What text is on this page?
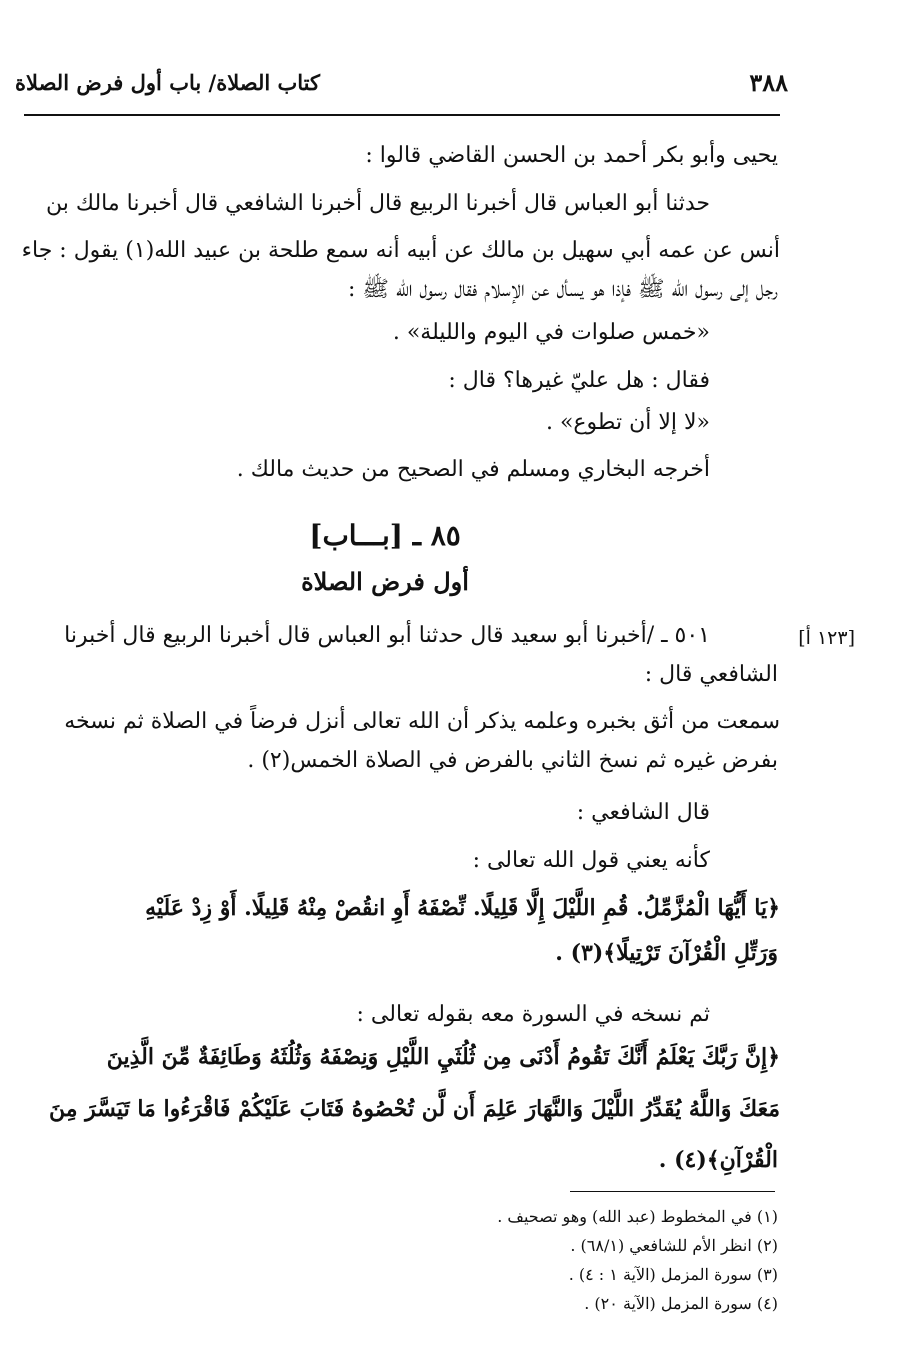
كتاب الصلاة/ باب أول فرض الصلاة	٣٨٨
يحيى وأبو بكر أحمد بن الحسن القاضي قالوا :
حدثنا أبو العباس قال أخبرنا الربيع قال أخبرنا الشافعي قال أخبرنا مالك بن
أنس عن عمه أبي سهيل بن مالك عن أبيه أنه سمع طلحة بن عبيد الله(١) يقول : جاء
رجل إلى رسول الله ﷺ فإذا هو يسأل عن الإسلام فقال رسول الله ﷺ :
«خمس صلوات في اليوم والليلة» .
فقال : هل عليّ غيرها؟ قال :
«لا إلا أن تطوع» .
أخرجه البخاري ومسلم في الصحيح من حديث مالك .
٨٥ ـ [بـــاب]
أول فرض الصلاة
[١٢٣ أ]
٥٠١ ـ /أخبرنا أبو سعيد قال حدثنا أبو العباس قال أخبرنا الربيع قال أخبرنا
الشافعي قال :
سمعت من أثق بخبره وعلمه يذكر أن الله تعالى أنزل فرضاً في الصلاة ثم نسخه
بفرض غيره ثم نسخ الثاني بالفرض في الصلاة الخمس(٢) .
قال الشافعي :
كأنه يعني قول الله تعالى :
﴿يَا أَيُّهَا الْمُزَّمِّلُ. قُمِ اللَّيْلَ إِلَّا قَلِيلًا. نِّصْفَهُ أَوِ انقُصْ مِنْهُ قَلِيلًا. أَوْ زِدْ عَلَيْهِ
وَرَتِّلِ الْقُرْآنَ تَرْتِيلًا﴾(٣) .
ثم نسخه في السورة معه بقوله تعالى :
﴿إِنَّ رَبَّكَ يَعْلَمُ أَنَّكَ تَقُومُ أَدْنَى مِن ثُلُثَيِ اللَّيْلِ وَنِصْفَهُ وَثُلُثَهُ وَطَائِفَةٌ مِّنَ الَّذِينَ
مَعَكَ وَاللَّهُ يُقَدِّرُ اللَّيْلَ وَالنَّهَارَ عَلِمَ أَن لَّن تُحْصُوهُ فَتَابَ عَلَيْكُمْ فَاقْرَءُوا مَا تَيَسَّرَ مِنَ
الْقُرْآنِ﴾(٤) .
(١) في المخطوط (عبد الله) وهو تصحيف .
(٢) انظر الأم للشافعي (٦٨/١) .
(٣) سورة المزمل (الآية ١ : ٤) .
(٤) سورة المزمل (الآية ٢٠) .
